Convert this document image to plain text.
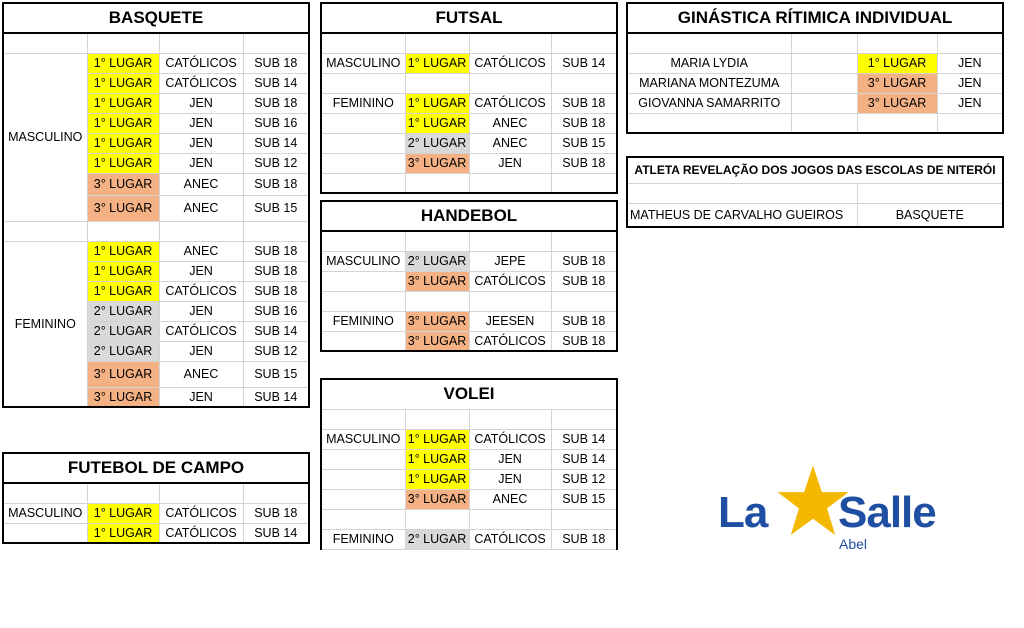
BASQUETE			

MASCULINO	1° LUGAR	CATÓLICOS	SUB 18
	1° LUGAR	CATÓLICOS	SUB 14
	1° LUGAR	JEN	SUB 18
	1° LUGAR	JEN	SUB 16
	1° LUGAR	JEN	SUB 14
	1° LUGAR	JEN	SUB 12
	3° LUGAR	ANEC	SUB 18
	3° LUGAR	ANEC	SUB 15

FEMININO	1° LUGAR	ANEC	SUB 18
	1° LUGAR	JEN	SUB 18
	1° LUGAR	CATÓLICOS	SUB 18
	2° LUGAR	JEN	SUB 16
	2° LUGAR	CATÓLICOS	SUB 14
	2° LUGAR	JEN	SUB 12
	3° LUGAR	ANEC	SUB 15
	3° LUGAR	JEN	SUB 14
FUTEBOL DE CAMPO			

MASCULINO	1° LUGAR	CATÓLICOS	SUB 18
	1° LUGAR	CATÓLICOS	SUB 14
FUTSAL			

MASCULINO	1° LUGAR	CATÓLICOS	SUB 14

FEMININO	1° LUGAR	CATÓLICOS	SUB 18
	1° LUGAR	ANEC	SUB 18
	2° LUGAR	ANEC	SUB 15
	3° LUGAR	JEN	SUB 18

HANDEBOL			

MASCULINO	2° LUGAR	JEPE	SUB 18
	3° LUGAR	CATÓLICOS	SUB 18

FEMININO	3° LUGAR	JEESEN	SUB 18
	3° LUGAR	CATÓLICOS	SUB 18
VOLEI			

MASCULINO	1° LUGAR	CATÓLICOS	SUB 14
	1° LUGAR	JEN	SUB 14
	1° LUGAR	JEN	SUB 12
	3° LUGAR	ANEC	SUB 15

FEMININO	2° LUGAR	CATÓLICOS	SUB 18
GINÁSTICA RÍTIMICA INDIVIDUAL			

MARIA LYDIA		1° LUGAR	JEN
MARIANA MONTEZUMA		3° LUGAR	JEN
GIOVANNA SAMARRITO		3° LUGAR	JEN

ATLETA REVELAÇÃO DOS JOGOS DAS ESCOLAS DE NITERÓI	

MATHEUS DE CARVALHO GUEIROS	BASQUETE
La Salle
Abel
